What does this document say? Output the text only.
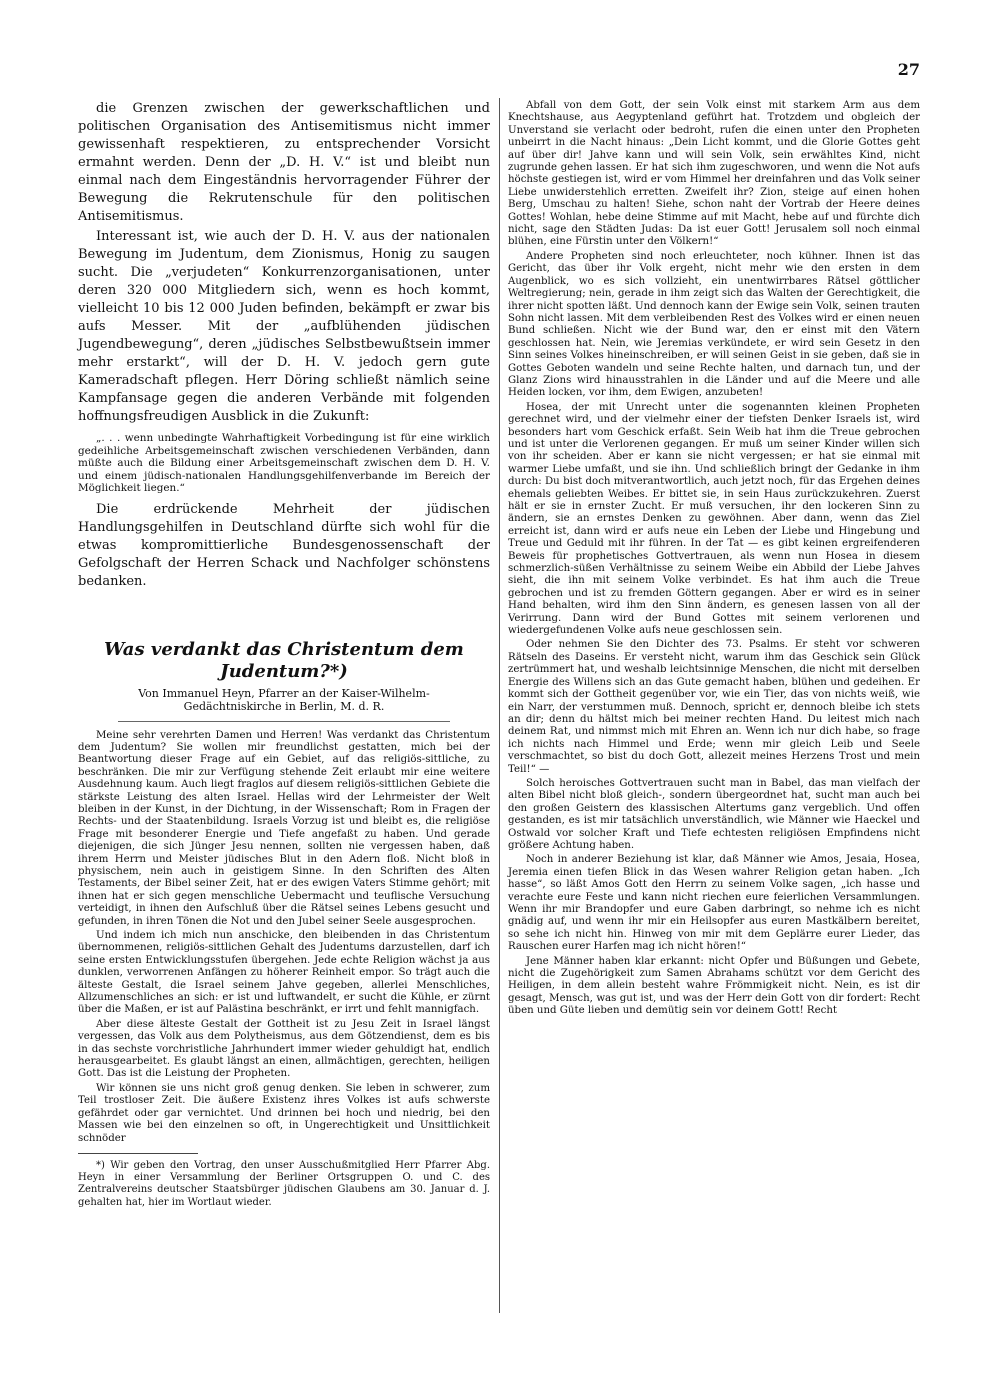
27

die Grenzen zwischen der gewerkschaftlichen und politischen Organisation des Antisemitismus nicht immer gewissenhaft respektieren, zu entsprechender Vorsicht ermahnt werden. Denn der „D. H. V.“ ist und bleibt nun einmal nach dem Eingeständnis hervorragender Führer der Bewegung die Rekrutenschule für den politischen Antisemitismus.

Interessant ist, wie auch der D. H. V. aus der nationalen Bewegung im Judentum, dem Zionismus, Honig zu saugen sucht. Die „verjudeten“ Konkurrenzorganisationen, unter deren 320 000 Mitgliedern sich, wenn es hoch kommt, vielleicht 10 bis 12 000 Juden befinden, bekämpft er zwar bis aufs Messer. Mit der „aufblühenden jüdischen Jugendbewegung“, deren „jüdisches Selbstbewußtsein immer mehr erstarkt“, will der D. H. V. jedoch gern gute Kameradschaft pflegen. Herr Döring schließt nämlich seine Kampfansage gegen die anderen Verbände mit folgenden hoffnungsfreudigen Ausblick in die Zukunft:

„. . . wenn unbedingte Wahrhaftigkeit Vorbedingung ist für eine wirklich gedeihliche Arbeitsgemeinschaft zwischen verschiedenen Verbänden, dann müßte auch die Bildung einer Arbeitsgemeinschaft zwischen dem D. H. V. und einem jüdisch-nationalen Handlungsgehilfenverbande im Bereich der Möglichkeit liegen.“

Die erdrückende Mehrheit der jüdischen Handlungsgehilfen in Deutschland dürfte sich wohl für die etwas kompromittierliche Bundesgenossenschaft der Gefolgschaft der Herren Schack und Nachfolger schönstens bedanken.

Was verdankt das Christentum dem Judentum?*)
Von Immanuel Heyn, Pfarrer an der Kaiser-Wilhelm-Gedächtniskirche in Berlin, M. d. R.

Meine sehr verehrten Damen und Herren! Was verdankt das Christentum dem Judentum? Sie wollen mir freundlichst gestatten, mich bei der Beantwortung dieser Frage auf ein Gebiet, auf das religiös-sittliche, zu beschränken. Die mir zur Verfügung stehende Zeit erlaubt mir eine weitere Ausdehnung kaum. Auch liegt fraglos auf diesem religiös-sittlichen Gebiete die stärkste Leistung des alten Israel. Hellas wird der Lehrmeister der Welt bleiben in der Kunst, in der Dichtung, in der Wissenschaft; Rom in Fragen der Rechts- und der Staatenbildung. Israels Vorzug ist und bleibt es, die religiöse Frage mit besonderer Energie und Tiefe angefaßt zu haben. Und gerade diejenigen, die sich Jünger Jesu nennen, sollten nie vergessen haben, daß ihrem Herrn und Meister jüdisches Blut in den Adern floß. Nicht bloß in physischem, nein auch in geistigem Sinne. In den Schriften des Alten Testaments, der Bibel seiner Zeit, hat er des ewigen Vaters Stimme gehört; mit ihnen hat er sich gegen menschliche Uebermacht und teuflische Versuchung verteidigt, in ihnen den Aufschluß über die Rätsel seines Lebens gesucht und gefunden, in ihren Tönen die Not und den Jubel seiner Seele ausgesprochen.

Und indem ich mich nun anschicke, den bleibenden in das Christentum übernommenen, religiös-sittlichen Gehalt des Judentums darzustellen, darf ich seine ersten Entwicklungsstufen übergehen. Jede echte Religion wächst ja aus dunklen, verworrenen Anfängen zu höherer Reinheit empor. So trägt auch die älteste Gestalt, die Israel seinem Jahve gegeben, allerlei Menschliches, Allzumenschliches an sich: er ist und luftwandelt, er sucht die Kühle, er zürnt über die Maßen, er ist auf Palästina beschränkt, er irrt und fehlt mannigfach.

Aber diese älteste Gestalt der Gottheit ist zu Jesu Zeit in Israel längst vergessen, das Volk aus dem Polytheismus, aus dem Götzendienst, dem es bis in das sechste vorchristliche Jahrhundert immer wieder gehuldigt hat, endlich herausgearbeitet. Es glaubt längst an einen, allmächtigen, gerechten, heiligen Gott. Das ist die Leistung der Propheten.

Wir können sie uns nicht groß genug denken. Sie leben in schwerer, zum Teil trostloser Zeit. Die äußere Existenz ihres Volkes ist aufs schwerste gefährdet oder gar vernichtet. Und drinnen bei hoch und niedrig, bei den Massen wie bei den einzelnen so oft, in Ungerechtigkeit und Unsittlichkeit schnöder

*) Wir geben den Vortrag, den unser Ausschußmitglied Herr Pfarrer Abg. Heyn in einer Versammlung der Berliner Ortsgruppen O. und C. des Zentralvereins deutscher Staatsbürger jüdischen Glaubens am 30. Januar d. J. gehalten hat, hier im Wortlaut wieder.

Abfall von dem Gott, der sein Volk einst mit starkem Arm aus dem Knechtshause, aus Aegyptenland geführt hat. Trotzdem und obgleich der Unverstand sie verlacht oder bedroht, rufen die einen unter den Propheten unbeirrt in die Nacht hinaus: „Dein Licht kommt, und die Glorie Gottes geht auf über dir! Jahve kann und will sein Volk, sein erwähltes Kind, nicht zugrunde gehen lassen. Er hat sich ihm zugeschworen, und wenn die Not aufs höchste gestiegen ist, wird er vom Himmel her dreinfahren und das Volk seiner Liebe unwiderstehlich erretten. Zweifelt ihr? Zion, steige auf einen hohen Berg, Umschau zu halten! Siehe, schon naht der Vortrab der Heere deines Gottes! Wohlan, hebe deine Stimme auf mit Macht, hebe auf und fürchte dich nicht, sage den Städten Judas: Da ist euer Gott! Jerusalem soll noch einmal blühen, eine Fürstin unter den Völkern!“

Andere Propheten sind noch erleuchteter, noch kühner. Ihnen ist das Gericht, das über ihr Volk ergeht, nicht mehr wie den ersten in dem Augenblick, wo es sich vollzieht, ein unentwirrbares Rätsel göttlicher Weltregierung; nein, gerade in ihm zeigt sich das Walten der Gerechtigkeit, die ihrer nicht spotten läßt. Und dennoch kann der Ewige sein Volk, seinen trauten Sohn nicht lassen. Mit dem verbleibenden Rest des Volkes wird er einen neuen Bund schließen. Nicht wie der Bund war, den er einst mit den Vätern geschlossen hat. Nein, wie Jeremias verkündete, er wird sein Gesetz in den Sinn seines Volkes hineinschreiben, er will seinen Geist in sie geben, daß sie in Gottes Geboten wandeln und seine Rechte halten, und darnach tun, und der Glanz Zions wird hinausstrahlen in die Länder und auf die Meere und alle Heiden locken, vor ihm, dem Ewigen, anzubeten!

Hosea, der mit Unrecht unter die sogenannten kleinen Propheten gerechnet wird, und der vielmehr einer der tiefsten Denker Israels ist, wird besonders hart vom Geschick erfaßt. Sein Weib hat ihm die Treue gebrochen und ist unter die Verlorenen gegangen. Er muß um seiner Kinder willen sich von ihr scheiden. Aber er kann sie nicht vergessen; er hat sie einmal mit warmer Liebe umfaßt, und sie ihn. Und schließlich bringt der Gedanke in ihm durch: Du bist doch mitverantwortlich, auch jetzt noch, für das Ergehen deines ehemals geliebten Weibes. Er bittet sie, in sein Haus zurückzukehren. Zuerst hält er sie in ernster Zucht. Er muß versuchen, ihr den lockeren Sinn zu ändern, sie an ernstes Denken zu gewöhnen. Aber dann, wenn das Ziel erreicht ist, dann wird er aufs neue ein Leben der Liebe und Hingebung und Treue und Geduld mit ihr führen. In der Tat — es gibt keinen ergreifenderen Beweis für prophetisches Gottvertrauen, als wenn nun Hosea in diesem schmerzlich-süßen Verhältnisse zu seinem Weibe ein Abbild der Liebe Jahves sieht, die ihn mit seinem Volke verbindet. Es hat ihm auch die Treue gebrochen und ist zu fremden Göttern gegangen. Aber er wird es in seiner Hand behalten, wird ihm den Sinn ändern, es genesen lassen von all der Verirrung. Dann wird der Bund Gottes mit seinem verlorenen und wiedergefundenen Volke aufs neue geschlossen sein.

Oder nehmen Sie den Dichter des 73. Psalms. Er steht vor schweren Rätseln des Daseins. Er versteht nicht, warum ihm das Geschick sein Glück zertrümmert hat, und weshalb leichtsinnige Menschen, die nicht mit derselben Energie des Willens sich an das Gute gemacht haben, blühen und gedeihen. Er kommt sich der Gottheit gegenüber vor, wie ein Tier, das von nichts weiß, wie ein Narr, der verstummen muß. Dennoch, spricht er, dennoch bleibe ich stets an dir; denn du hältst mich bei meiner rechten Hand. Du leitest mich nach deinem Rat, und nimmst mich mit Ehren an. Wenn ich nur dich habe, so frage ich nichts nach Himmel und Erde; wenn mir gleich Leib und Seele verschmachtet, so bist du doch Gott, allezeit meines Herzens Trost und mein Teil!“ —

Solch heroisches Gottvertrauen sucht man in Babel, das man vielfach der alten Bibel nicht bloß gleich-, sondern übergeordnet hat, sucht man auch bei den großen Geistern des klassischen Altertums ganz vergeblich. Und offen gestanden, es ist mir tatsächlich unverständlich, wie Männer wie Haeckel und Ostwald vor solcher Kraft und Tiefe echtesten religiösen Empfindens nicht größere Achtung haben.

Noch in anderer Beziehung ist klar, daß Männer wie Amos, Jesaia, Hosea, Jeremia einen tiefen Blick in das Wesen wahrer Religion getan haben. „Ich hasse“, so läßt Amos Gott den Herrn zu seinem Volke sagen, „ich hasse und verachte eure Feste und kann nicht riechen eure feierlichen Versammlungen. Wenn ihr mir Brandopfer und eure Gaben darbringt, so nehme ich es nicht gnädig auf, und wenn ihr mir ein Heilsopfer aus euren Mastkälbern bereitet, so sehe ich nicht hin. Hinweg von mir mit dem Geplärre eurer Lieder, das Rauschen eurer Harfen mag ich nicht hören!“

Jene Männer haben klar erkannt: nicht Opfer und Büßungen und Gebete, nicht die Zugehörigkeit zum Samen Abrahams schützt vor dem Gericht des Heiligen, in dem allein besteht wahre Frömmigkeit nicht. Nein, es ist dir gesagt, Mensch, was gut ist, und was der Herr dein Gott von dir fordert: Recht üben und Güte lieben und demütig sein vor deinem Gott! Recht
